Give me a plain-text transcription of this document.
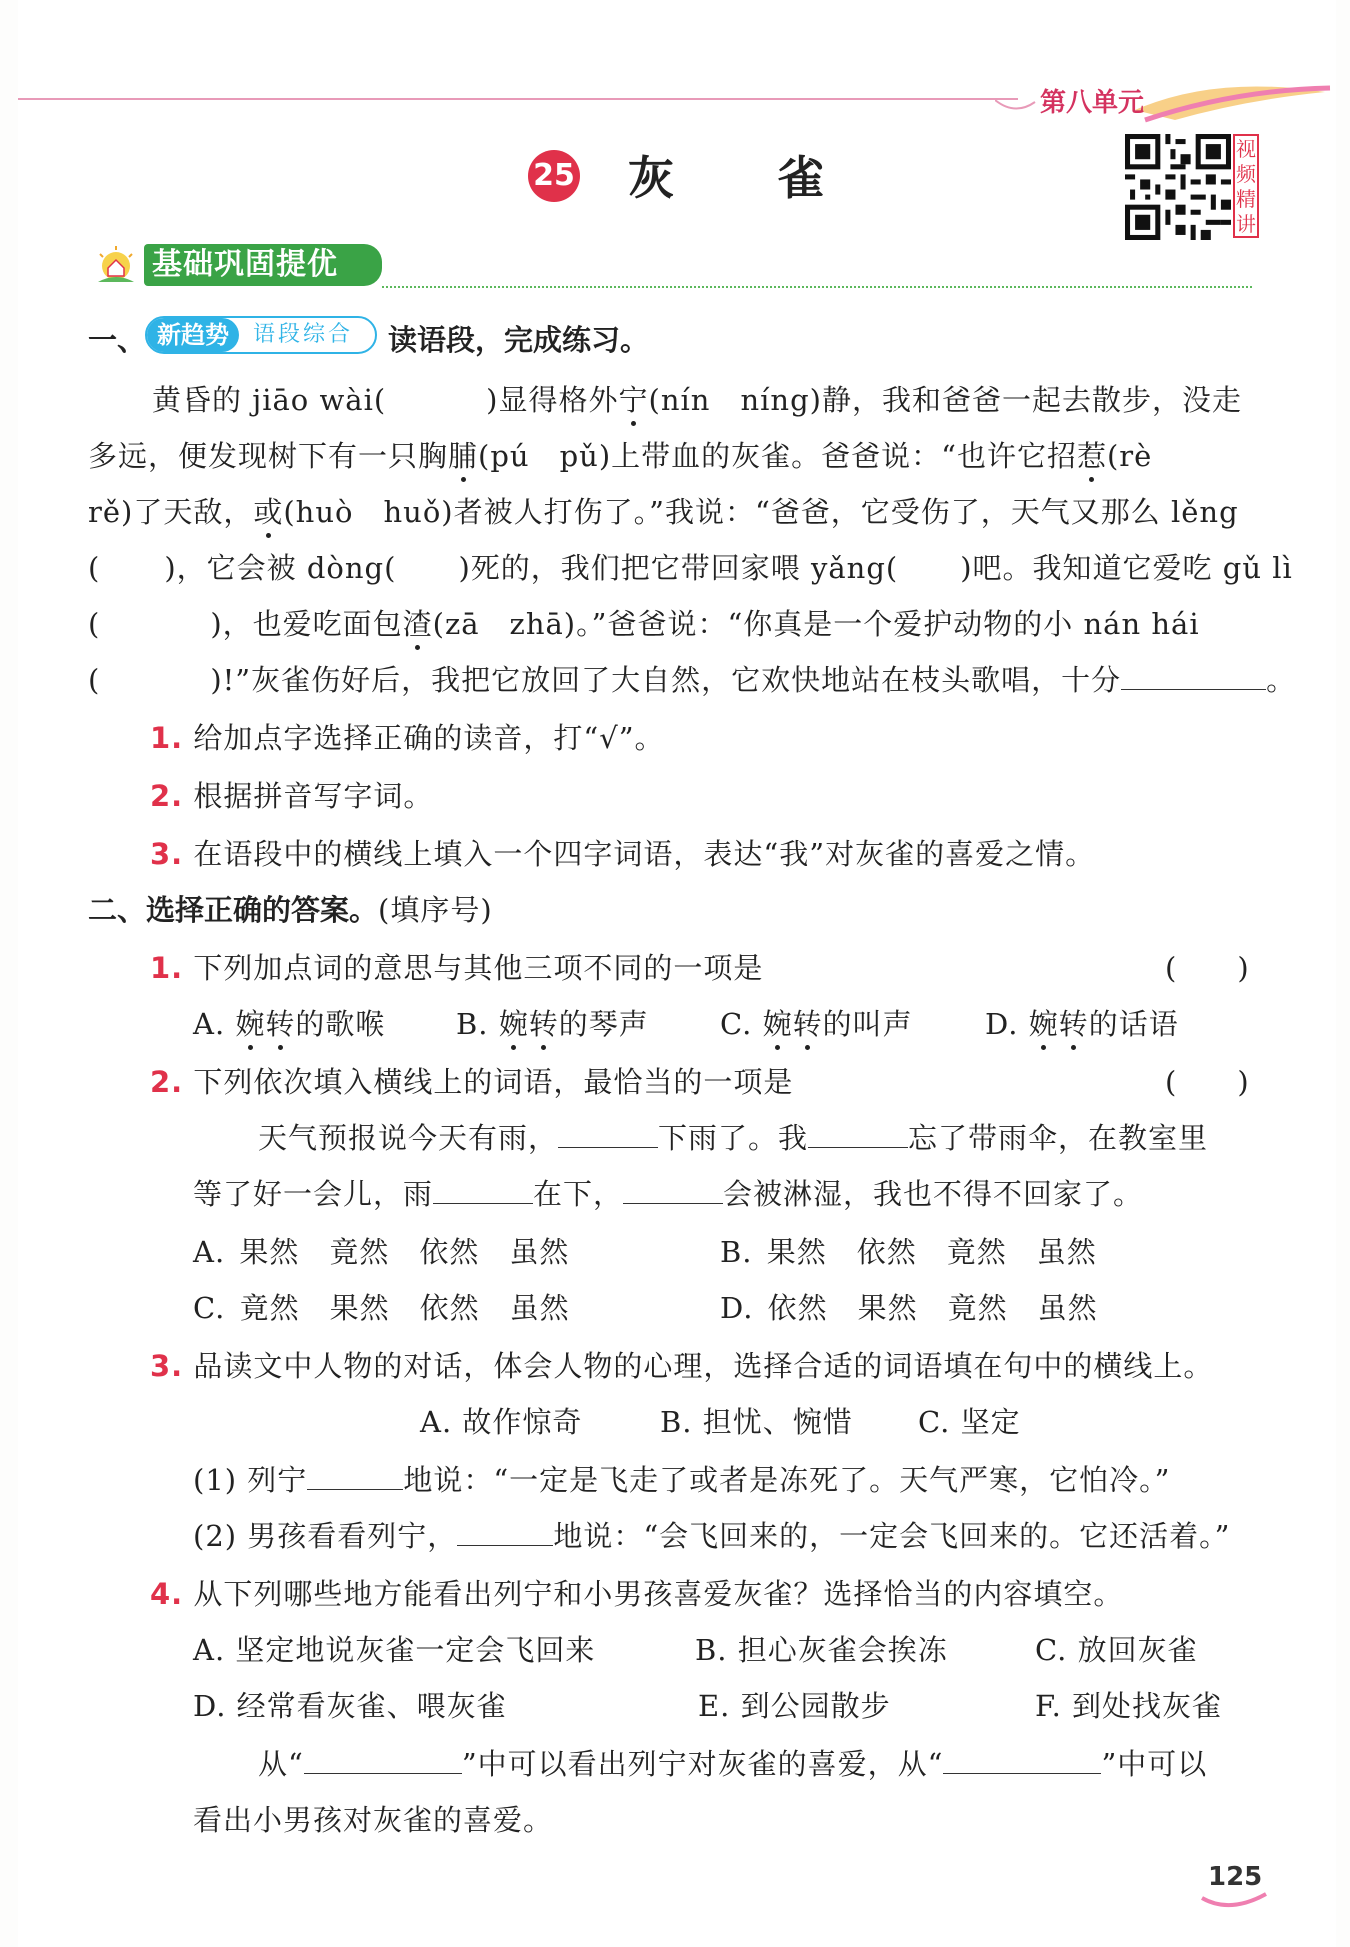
第八单元
25 灰　　雀
视频精讲
基础巩固提优
一、 新趋势	语段综合 读语段，完成练习。
黄昏的 jiāo wài(	)显得格外宁(nín　níng)静，我和爸爸一起去散步，没走
多远，便发现树下有一只胸脯(pú　pǔ)上带血的灰雀。爸爸说：“也许它招惹(rè
rě)了天敌，或(huò　huǒ)者被人打伤了。”我说：“爸爸，它受伤了，天气又那么 lěng
( )，它会被 dòng( )死的，我们把它带回家喂 yǎng( )吧。我知道它爱吃 gǔ lì
(	)，也爱吃面包渣(zā　zhā)。”爸爸说：“你真是一个爱护动物的小 nán hái
(	)!”灰雀伤好后，我把它放回了大自然，它欢快地站在枝头歌唱，十分	。
1. 给加点字选择正确的读音，打“√”。
2. 根据拼音写字词。
3. 在语段中的横线上填入一个四字词语，表达“我”对灰雀的喜爱之情。
二、选择正确的答案。(填序号)
1. 下列加点词的意思与其他三项不同的一项是	(　　)
A. 婉转的歌喉 B. 婉转的琴声 C. 婉转的叫声 D. 婉转的话语
2. 下列依次填入横线上的词语，最恰当的一项是	(　　)
天气预报说今天有雨，	下雨了。我	忘了带雨伞，在教室里
等了好一会儿，雨	在下，	会被淋湿，我也不得不回家了。
A. 果然　竟然　依然　虽然	B. 果然　依然　竟然　虽然
C. 竟然　果然　依然　虽然	D. 依然　果然　竟然　虽然
3. 品读文中人物的对话，体会人物的心理，选择合适的词语填在句中的横线上。
A. 故作惊奇	B. 担忧、惋惜 C. 坚定
(1) 列宁	地说：“一定是飞走了或者是冻死了。天气严寒，它怕冷。”
(2) 男孩看看列宁，	地说：“会飞回来的，一定会飞回来的。它还活着。”
4. 从下列哪些地方能看出列宁和小男孩喜爱灰雀？选择恰当的内容填空。
A. 坚定地说灰雀一定会飞回来	B. 担心灰雀会挨冻	C. 放回灰雀
D. 经常看灰雀、喂灰雀	E. 到公园散步	F. 到处找灰雀
从“	”中可以看出列宁对灰雀的喜爱，从“	”中可以
看出小男孩对灰雀的喜爱。
125
